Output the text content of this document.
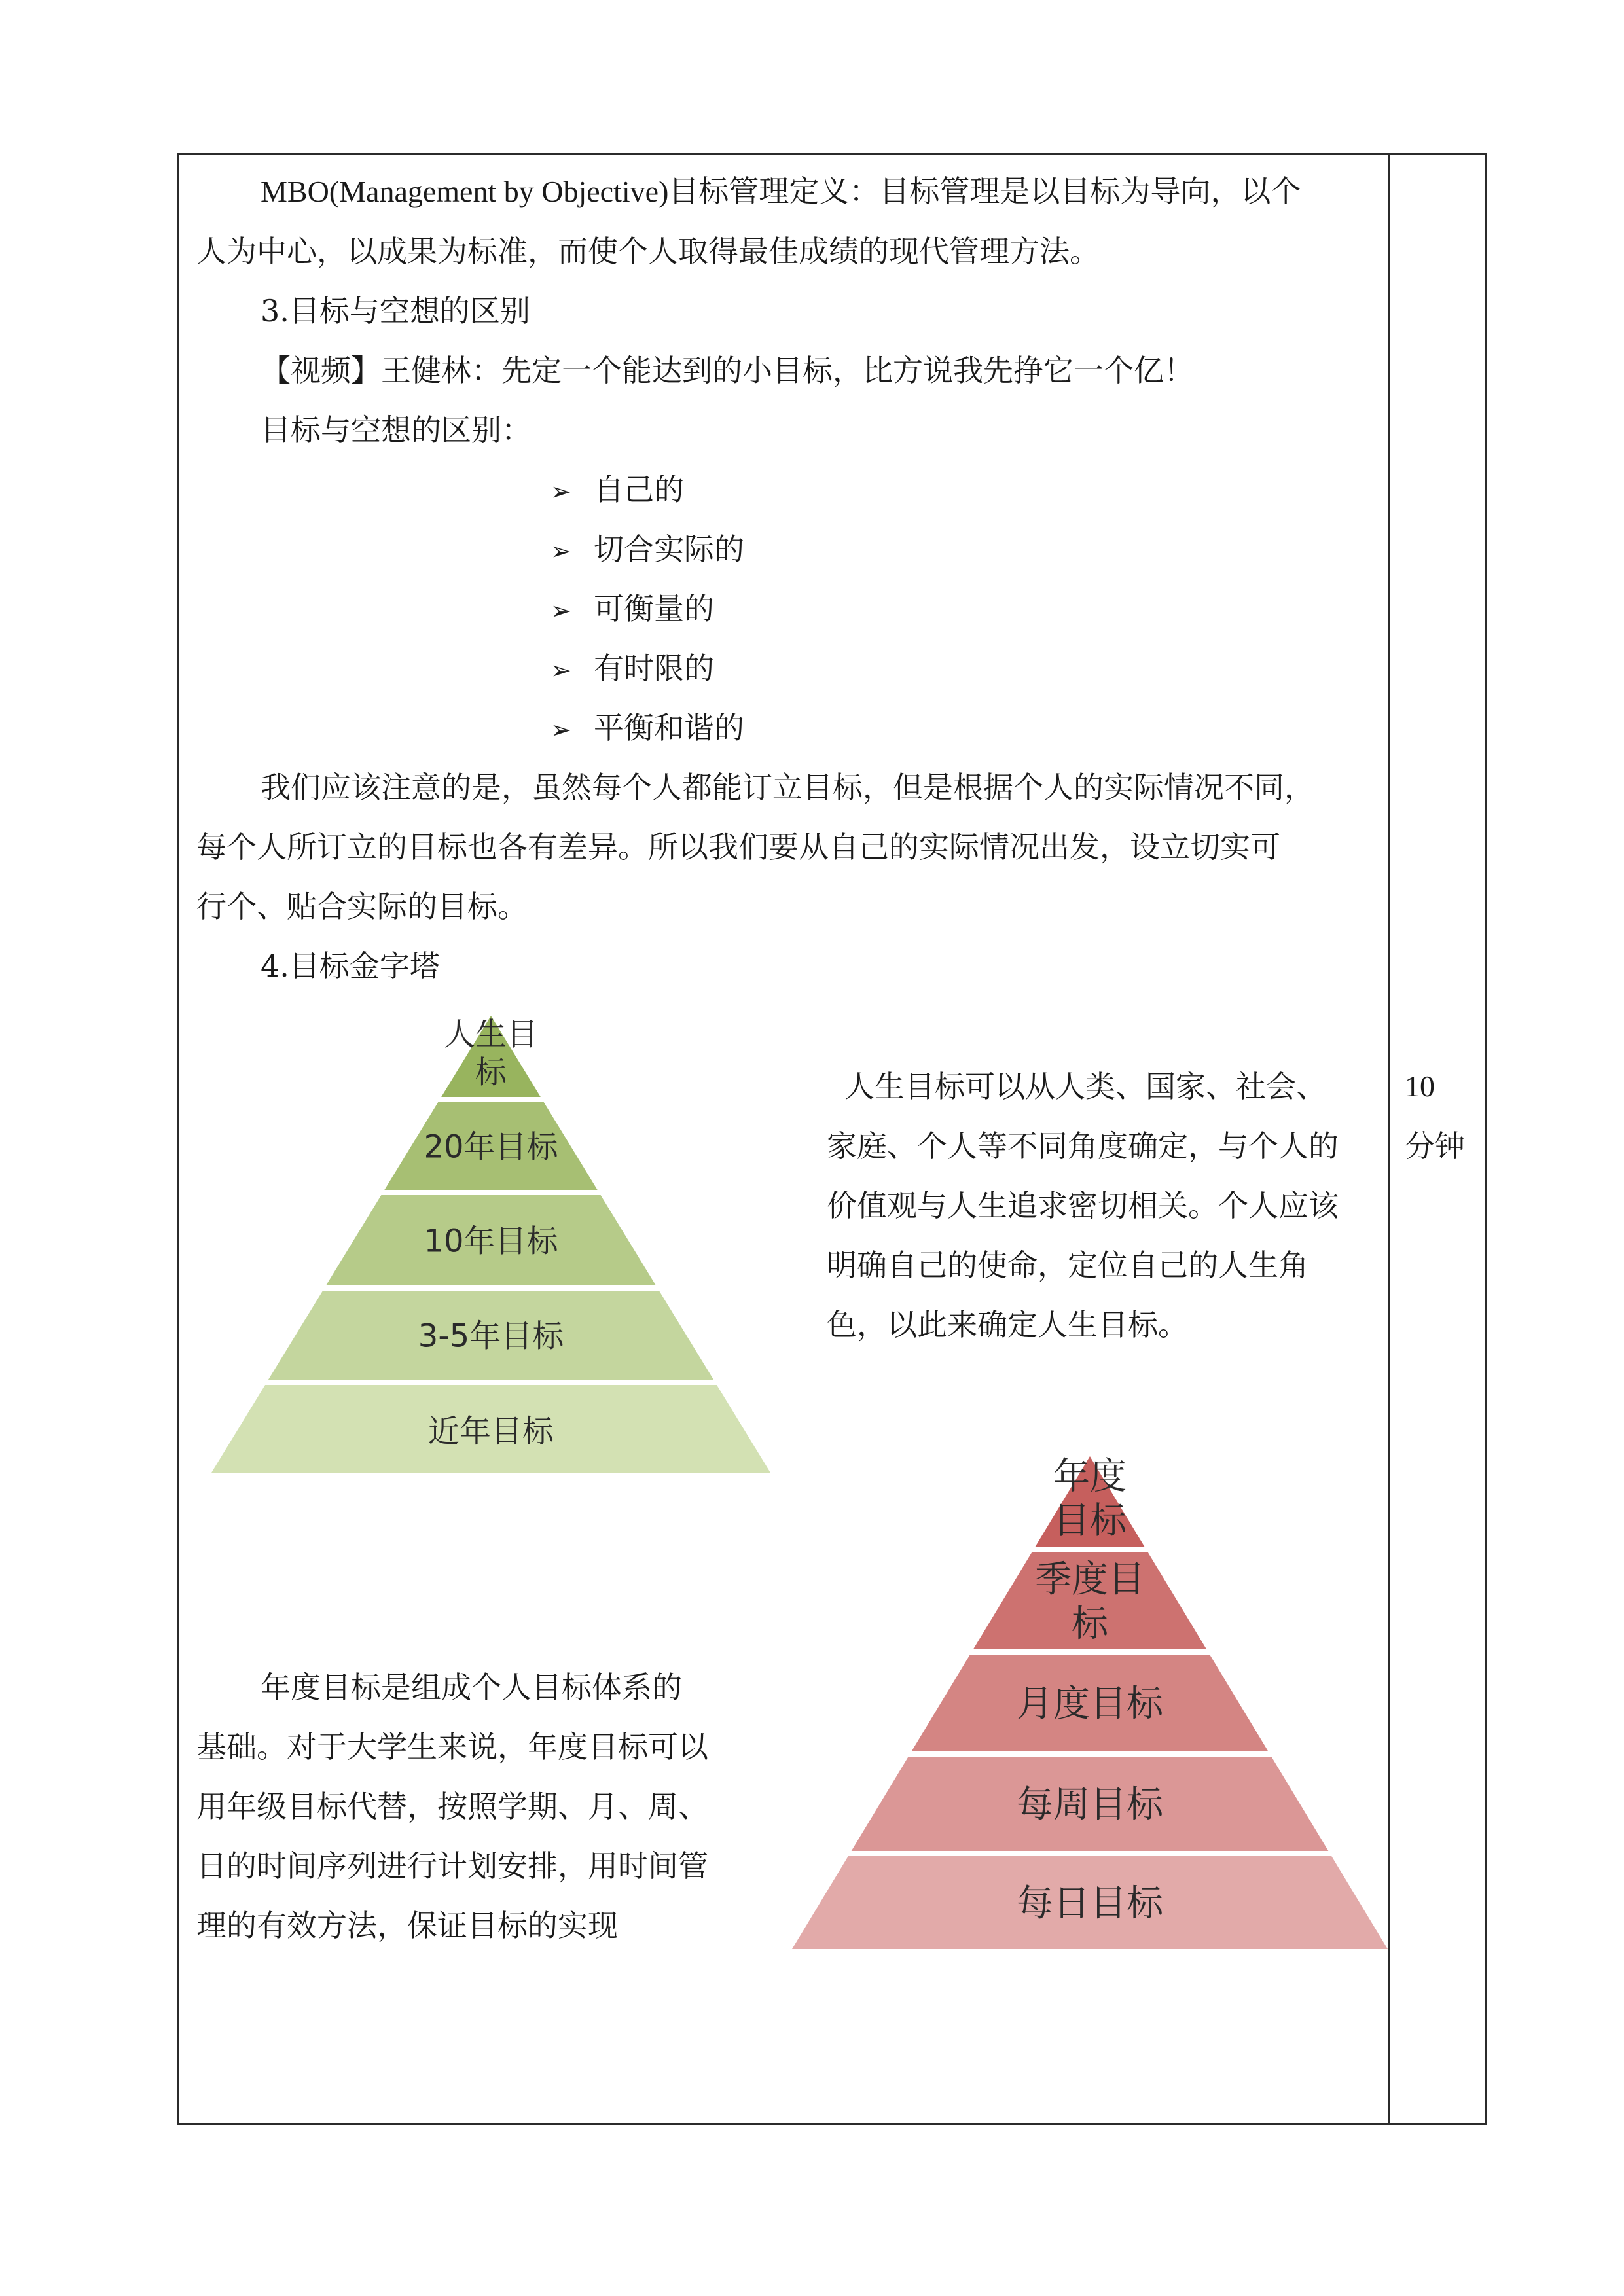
MBO(Management by Objective)目标管理定义：目标管理是以目标为导向，以个
人为中心，以成果为标准，而使个人取得最佳成绩的现代管理方法。
3.目标与空想的区别
【视频】王健林：先定一个能达到的小目标，比方说我先挣它一个亿！
目标与空想的区别：
➢ 自己的
➢ 切合实际的
➢ 可衡量的
➢ 有时限的
➢ 平衡和谐的
我们应该注意的是，虽然每个人都能订立目标，但是根据个人的实际情况不同，
每个人所订立的目标也各有差异。所以我们要从自己的实际情况出发，设立切实可
行个、贴合实际的目标。
4.目标金字塔
人生目标可以从人类、国家、社会、
家庭、个人等不同角度确定，与个人的
价值观与人生追求密切相关。个人应该
明确自己的使命，定位自己的人生角
色，以此来确定人生目标。
年度目标是组成个人目标体系的
基础。对于大学生来说，年度目标可以
用年级目标代替，按照学期、月、周、
日的时间序列进行计划安排，用时间管
理的有效方法，保证目标的实现
10
分钟
人生目
标
20年目标
10年目标
3-5年目标
近年目标
年度
目标
季度目
标
月度目标
每周目标
每日目标
